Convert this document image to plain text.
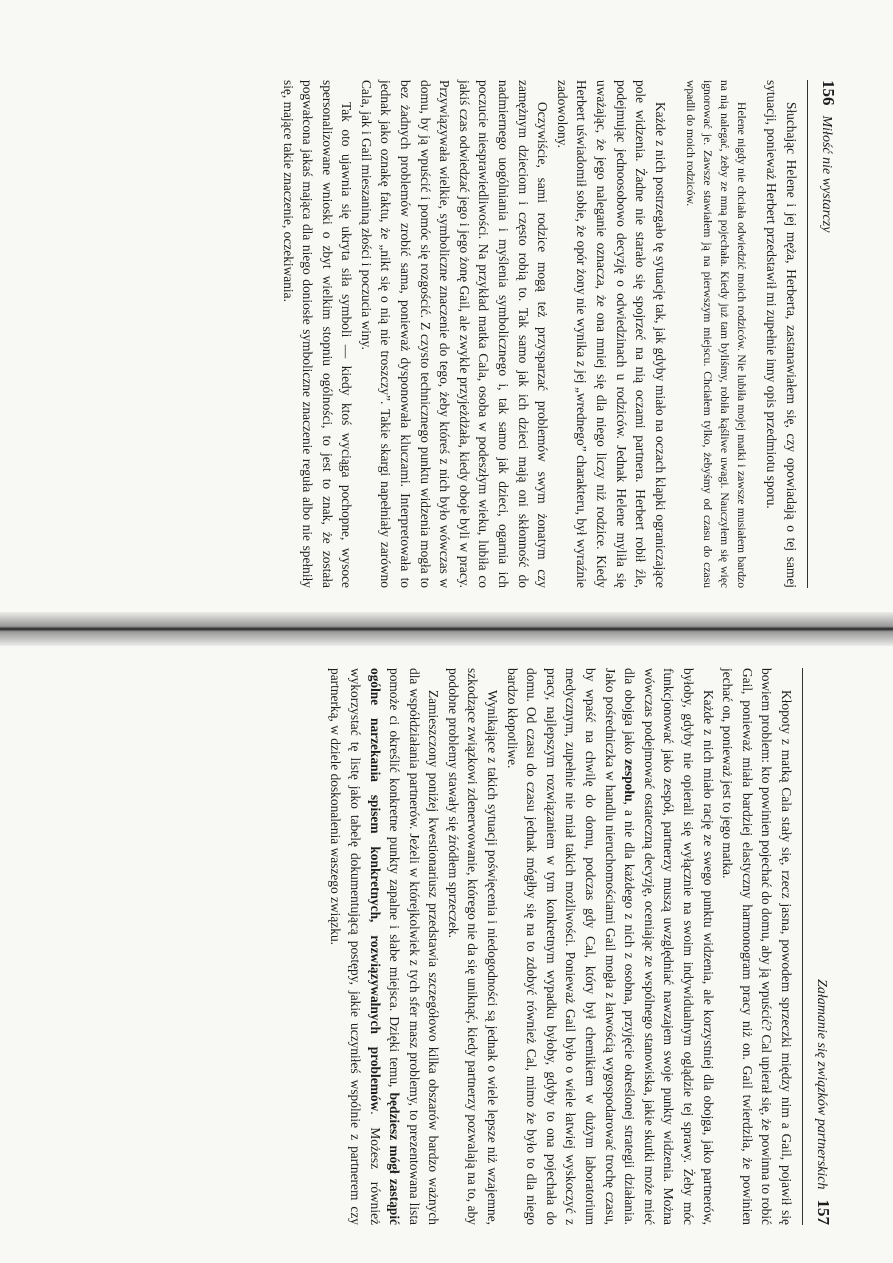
156
Miłość nie wystarczy

Słuchając Helene i jej męża, Herberta, zastanawiałem się, czy opowiadają o tej samej sytuacji, ponieważ Herbert przedstawił mi zupełnie inny opis przedmiotu sporu.

Helene nigdy nie chciała odwiedzić moich rodziców. Nie lubiła mojej matki i zawsze musiałem bardzo na nią nalegać, żeby ze mną pojechała. Kiedy już tam byliśmy, robiła kąśliwe uwagi. Nauczyłem się więc ignorować je. Zawsze stawiałem ją na pierwszym miejscu. Chciałem tylko, żebyśmy od czasu do czasu wpadli do moich rodziców.

Każde z nich postrzegało tę sytuację tak, jak gdyby miało na oczach klapki ograniczające pole widzenia. Żadne nie starało się spojrzeć na nią oczami partnera. Herbert robił źle, podejmując jednoosobowo decyzję o odwiedzinach u rodziców. Jednak Helene myliła się uważając, że jego naleganie oznacza, że ona mniej się dla niego liczy niż rodzice. Kiedy Herbert uświadomił sobie, że opór żony nie wynika z jej „wrednego” charakteru, był wyraźnie zadowolony.

Oczywiście, sami rodzice mogą też przysparzać problemów swym żonatym czy zamężnym dzieciom i często robią to. Tak samo jak ich dzieci mają oni skłonność do nadmiernego uogólniania i myślenia symbolicznego i, tak samo jak dzieci, ogarnia ich poczucie niesprawiedliwości. Na przykład matka Cala, osoba w podeszłym wieku, lubiła co jakiś czas odwiedzać jego i jego żonę Gail, ale zwykle przyjeżdżała, kiedy oboje byli w pracy. Przywiązywała wielkie, symboliczne znaczenie do tego, żeby któreś z nich było wówczas w domu, by ją wpuścić i pomóc się rozgościć. Z czysto technicznego punktu widzenia mogła to bez żadnych problemów zrobić sama, ponieważ dysponowała kluczami. Interpretowała to jednak jako oznakę faktu, że „nikt się o nią nie troszczy”. Takie skargi napełniały zarówno Cala, jak i Gail mieszaniną złości i poczucia winy.

Tak oto ujawnia się ukryta siła symboli — kiedy ktoś wyciąga pochopne, wysoce spersonalizowane wnioski o zbyt wielkim stopniu ogólności, to jest to znak, że została pogwałcona jakaś mająca dla niego doniosłe symboliczne znaczenie reguła albo nie spełniły się, mające takie znaczenie, oczekiwania.

Załamanie się związków partnerskich
157

Kłopoty z matką Cala stały się, rzecz jasna, powodem sprzeczki między nim a Gail, pojawił się bowiem problem: kto powinien pojechać do domu, aby ją wpuścić? Cal upierał się, że powinna to robić Gail, ponieważ miała bardziej elastyczny harmonogram pracy niż on. Gail twierdziła, że powinien jechać on, ponieważ jest to jego matka.

Każde z nich miało rację ze swego punktu widzenia, ale korzystniej dla obojga, jako partnerów, byłoby, gdyby nie opierali się wyłącznie na swoim indywidualnym oglądzie tej sprawy. Żeby móc funkcjonować jako zespół, partnerzy muszą uwzględniać nawzajem swoje punkty widzenia. Można wówczas podejmować ostateczną decyzję, oceniając ze wspólnego stanowiska, jakie skutki może mieć dla obojga jako zespołu, a nie dla każdego z nich z osobna, przyjęcie określonej strategii działania. Jako pośredniczka w handlu nieruchomościami Gail mogła z łatwością wygospodarować trochę czasu, by wpaść na chwilę do domu, podczas gdy Cal, który był chemikiem w dużym laboratorium medycznym, zupełnie nie miał takich możliwości. Ponieważ Gail było o wiele łatwiej wyskoczyć z pracy, najlepszym rozwiązaniem w tym konkretnym wypadku byłoby, gdyby to ona pojechała do domu. Od czasu do czasu jednak mógłby się na to zdobyć również Cal, mimo że było to dla niego bardzo kłopotliwe.

Wynikające z takich sytuacji poświęcenia i niedogodności są jednak o wiele lepsze niż wzajemne, szkodzące związkowi zdenerwowanie, którego nie da się uniknąć, kiedy partnerzy pozwalają na to, aby podobne problemy stawały się źródłem sprzeczek.

Zamieszczony poniżej kwestionariusz przedstawia szczegółowo kilka obszarów bardzo ważnych dla współdziałania partnerów. Jeżeli w którejkolwiek z tych sfer masz problemy, to prezentowana lista pomoże ci określić konkretne punkty zapalne i słabe miejsca. Dzięki temu, będziesz mógł zastąpić ogólne narzekania spisem konkretnych, rozwiązywalnych problemów. Możesz również wykorzystać tę listę jako tabelę dokumentującą postępy, jakie uczyniłeś wspólnie z partnerem czy partnerką, w dziele doskonalenia waszego związku.
